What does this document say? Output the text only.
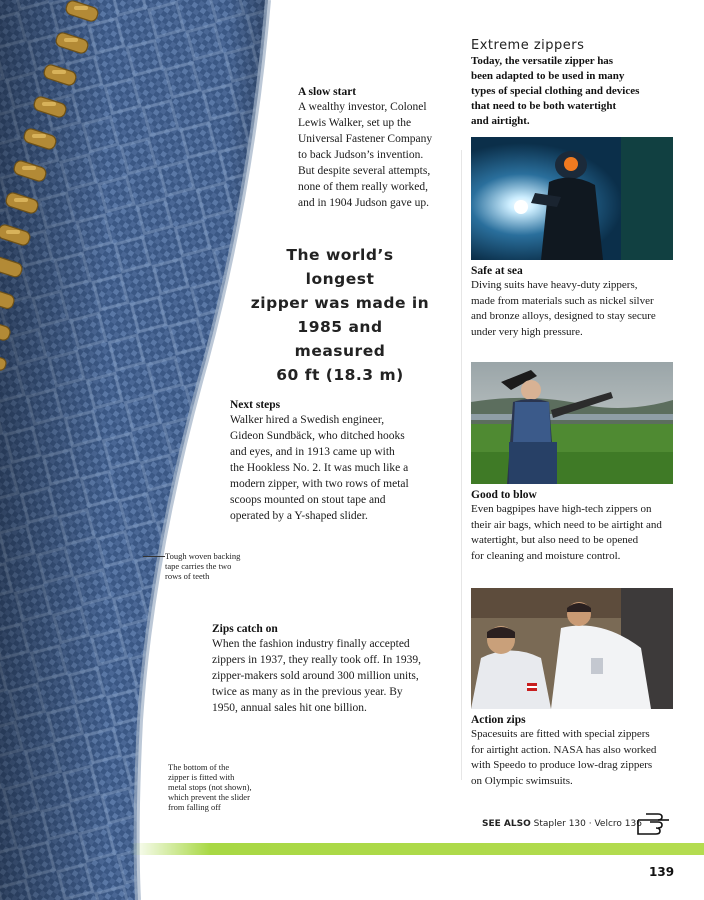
A slow start
A wealthy investor, Colonel
Lewis Walker, set up the
Universal Fastener Company
to back Judson’s invention.
But despite several attempts,
none of them really worked,
and in 1904 Judson gave up.
The world’s longest
zipper was made in
1985 and measured
60 ft (18.3 m)
Next steps
Walker hired a Swedish engineer,
Gideon Sundbäck, who ditched hooks
and eyes, and in 1913 came up with
the Hookless No. 2. It was much like a
modern zipper, with two rows of metal
scoops mounted on stout tape and
operated by a Y-shaped slider.
Tough woven backing
tape carries the two
rows of teeth
Zips catch on
When the fashion industry finally accepted
zippers in 1937, they really took off. In 1939,
zipper-makers sold around 300 million units,
twice as many as in the previous year. By
1950, annual sales hit one billion.
The bottom of the
zipper is fitted with
metal stops (not shown),
which prevent the slider
from falling off
Extreme zippers
Today, the versatile zipper has
been adapted to be used in many
types of special clothing and devices
that need to be both watertight
and airtight.
Safe at sea
Diving suits have heavy-duty zippers,
made from materials such as nickel silver
and bronze alloys, designed to stay secure
under very high pressure.
Good to blow
Even bagpipes have high-tech zippers on
their air bags, which need to be airtight and
watertight, but also need to be opened
for cleaning and moisture control.
Action zips
Spacesuits are fitted with special zippers
for airtight action. NASA has also worked
with Speedo to produce low-drag zippers
on Olympic swimsuits.
SEE ALSO Stapler 130 · Velcro 136
139
